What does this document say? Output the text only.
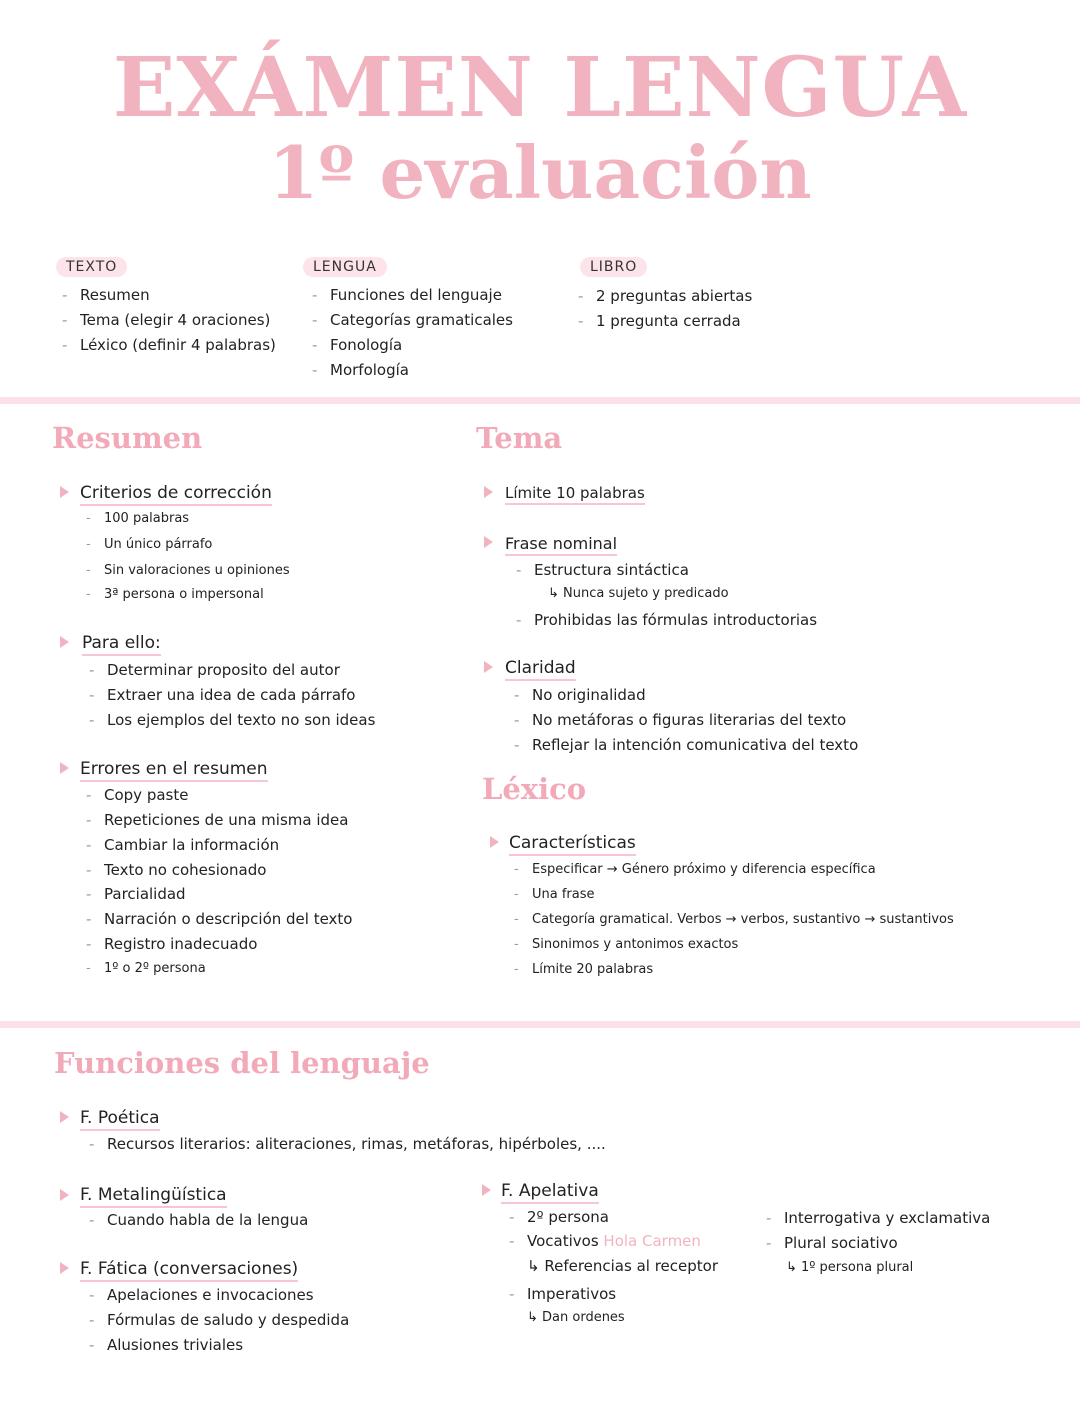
EXÁMEN LENGUA
1º evaluación
TEXTO
- Resumen
- Tema (elegir 4 oraciones)
- Léxico (definir 4 palabras)
LENGUA
- Funciones del lenguaje
- Categorías gramaticales
- Fonología
- Morfología
LIBRO
- 2 preguntas abiertas
- 1 pregunta cerrada
Resumen
Criterios de corrección
- 100 palabras
- Un único párrafo
- Sin valoraciones u opiniones
- 3ª persona o impersonal
Para ello:
- Determinar proposito del autor
- Extraer una idea de cada párrafo
- Los ejemplos del texto no son ideas
Errores en el resumen
- Copy paste
- Repeticiones de una misma idea
- Cambiar la información
- Texto no cohesionado
- Parcialidad
- Narración o descripción del texto
- Registro inadecuado
- 1º o 2º persona
Tema
Límite 10 palabras
Frase nominal
- Estructura sintáctica
↳ Nunca sujeto y predicado
- Prohibidas las fórmulas introductorias
Claridad
- No originalidad
- No metáforas o figuras literarias del texto
- Reflejar la intención comunicativa del texto
Léxico
Características
- Especificar → Género próximo y diferencia específica
- Una frase
- Categoría gramatical. Verbos → verbos, sustantivo → sustantivos
- Sinonimos y antonimos exactos
- Límite 20 palabras
Funciones del lenguaje
F. Poética
- Recursos literarios: aliteraciones, rimas, metáforas, hipérboles, ....
F. Metalingüística
- Cuando habla de la lengua
F. Fática (conversaciones)
- Apelaciones e invocaciones
- Fórmulas de saludo y despedida
- Alusiones triviales
F. Apelativa
- 2º persona
- Vocativos Hola Carmen
↳ Referencias al receptor
- Imperativos
↳ Dan ordenes
- Interrogativa y exclamativa
- Plural sociativo
↳ 1º persona plural
